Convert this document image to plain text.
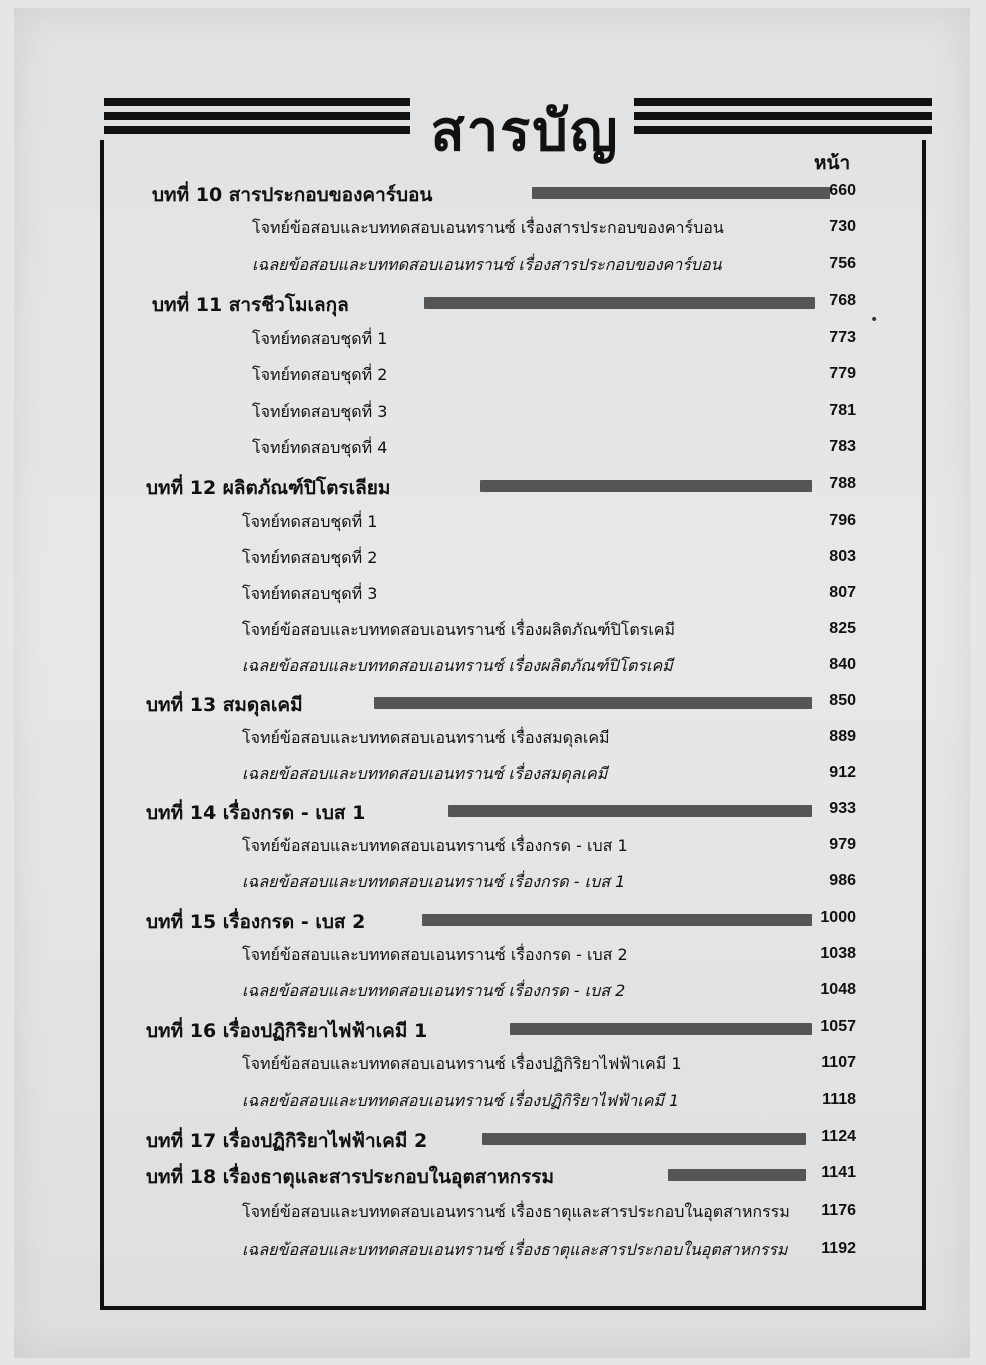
สารบัญ	หน้า
•
บทที่ 10 สารประกอบของคาร์บอน	660
โจทย์ข้อสอบและบททดสอบเอนทรานซ์ เรื่องสารประกอบของคาร์บอน	730
เฉลยข้อสอบและบททดสอบเอนทรานซ์ เรื่องสารประกอบของคาร์บอน	756
บทที่ 11 สารชีวโมเลกุล	768
โจทย์ทดสอบชุดที่ 1	773
โจทย์ทดสอบชุดที่ 2	779
โจทย์ทดสอบชุดที่ 3	781
โจทย์ทดสอบชุดที่ 4	783
บทที่ 12 ผลิตภัณฑ์ปิโตรเลียม	788
โจทย์ทดสอบชุดที่ 1	796
โจทย์ทดสอบชุดที่ 2	803
โจทย์ทดสอบชุดที่ 3	807
โจทย์ข้อสอบและบททดสอบเอนทรานซ์ เรื่องผลิตภัณฑ์ปิโตรเคมี	825
เฉลยข้อสอบและบททดสอบเอนทรานซ์ เรื่องผลิตภัณฑ์ปิโตรเคมี	840
บทที่ 13 สมดุลเคมี	850
โจทย์ข้อสอบและบททดสอบเอนทรานซ์ เรื่องสมดุลเคมี	889
เฉลยข้อสอบและบททดสอบเอนทรานซ์ เรื่องสมดุลเคมี	912
บทที่ 14 เรื่องกรด - เบส 1	933
โจทย์ข้อสอบและบททดสอบเอนทรานซ์ เรื่องกรด - เบส 1	979
เฉลยข้อสอบและบททดสอบเอนทรานซ์ เรื่องกรด - เบส 1	986
บทที่ 15 เรื่องกรด - เบส 2	1000
โจทย์ข้อสอบและบททดสอบเอนทรานซ์ เรื่องกรด - เบส 2	1038
เฉลยข้อสอบและบททดสอบเอนทรานซ์ เรื่องกรด - เบส 2	1048
บทที่ 16 เรื่องปฏิกิริยาไฟฟ้าเคมี 1	1057
โจทย์ข้อสอบและบททดสอบเอนทรานซ์ เรื่องปฏิกิริยาไฟฟ้าเคมี 1	1107
เฉลยข้อสอบและบททดสอบเอนทรานซ์ เรื่องปฏิกิริยาไฟฟ้าเคมี 1	1118
บทที่ 17 เรื่องปฏิกิริยาไฟฟ้าเคมี 2	1124
บทที่ 18 เรื่องธาตุและสารประกอบในอุตสาหกรรม	1141
โจทย์ข้อสอบและบททดสอบเอนทรานซ์ เรื่องธาตุและสารประกอบในอุตสาหกรรม	1176
เฉลยข้อสอบและบททดสอบเอนทรานซ์ เรื่องธาตุและสารประกอบในอุตสาหกรรม	1192
